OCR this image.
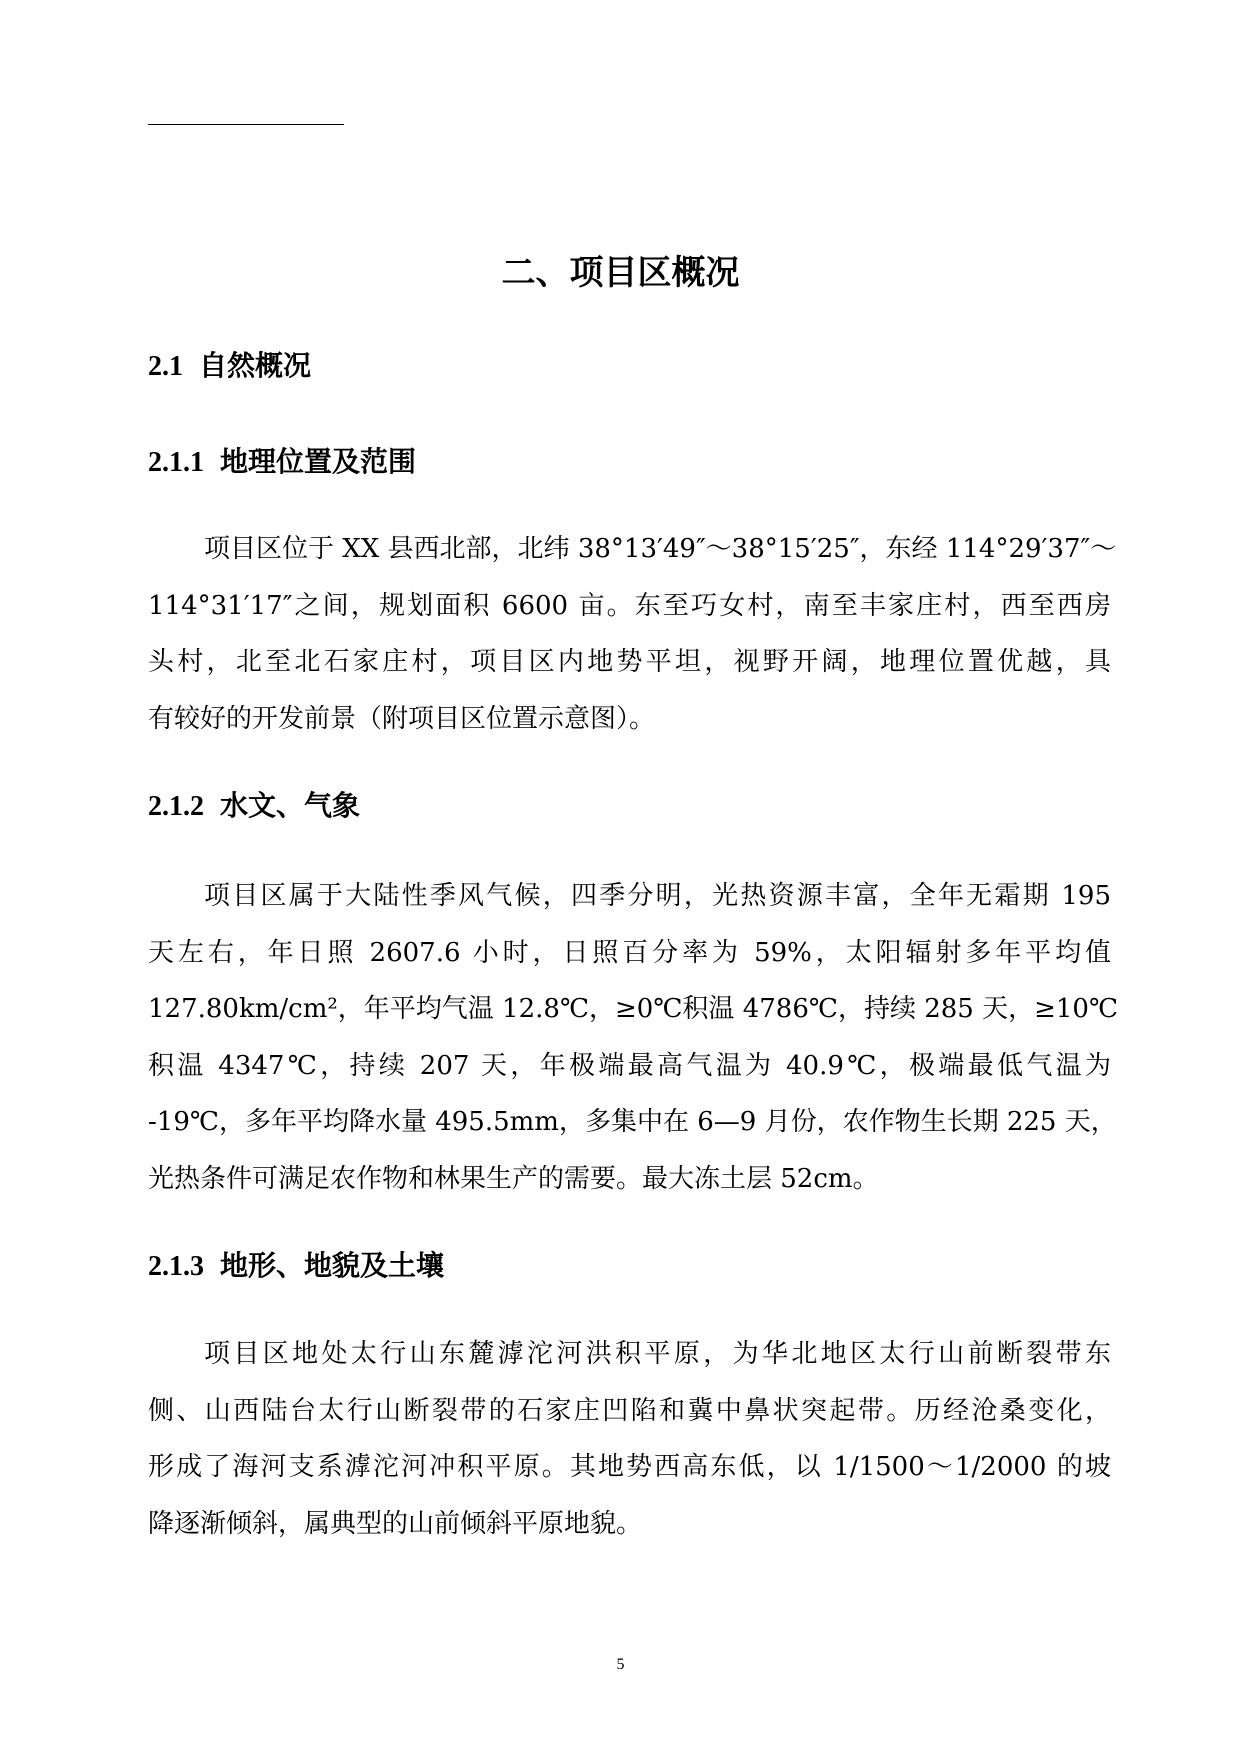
二、项目区概况
2.1 自然概况
2.1.1 地理位置及范围

项目区位于 XX 县西北部，北纬 38°13′49″～38°15′25″，东经 114°29′37″～
114°31′17″之间，规划面积 6600 亩。东至巧女村，南至丰家庄村，西至西房
头村，北至北石家庄村，项目区内地势平坦，视野开阔，地理位置优越，具
有较好的开发前景（附项目区位置示意图）。

2.1.2 水文、气象

项目区属于大陆性季风气候，四季分明，光热资源丰富，全年无霜期 195
天左右，年日照 2607.6 小时，日照百分率为 59%，太阳辐射多年平均值
127.80km/cm²，年平均气温 12.8℃，≥0℃积温 4786℃，持续 285 天，≥10℃
积温 4347℃，持续 207 天，年极端最高气温为 40.9℃，极端最低气温为
-19℃，多年平均降水量 495.5mm，多集中在 6—9 月份，农作物生长期 225 天，
光热条件可满足农作物和林果生产的需要。最大冻土层 52cm。

2.1.3 地形、地貌及土壤

项目区地处太行山东麓滹沱河洪积平原，为华北地区太行山前断裂带东
侧、山西陆台太行山断裂带的石家庄凹陷和冀中鼻状突起带。历经沧桑变化，
形成了海河支系滹沱河冲积平原。其地势西高东低，以 1/1500～1/2000 的坡
降逐渐倾斜，属典型的山前倾斜平原地貌。

5
